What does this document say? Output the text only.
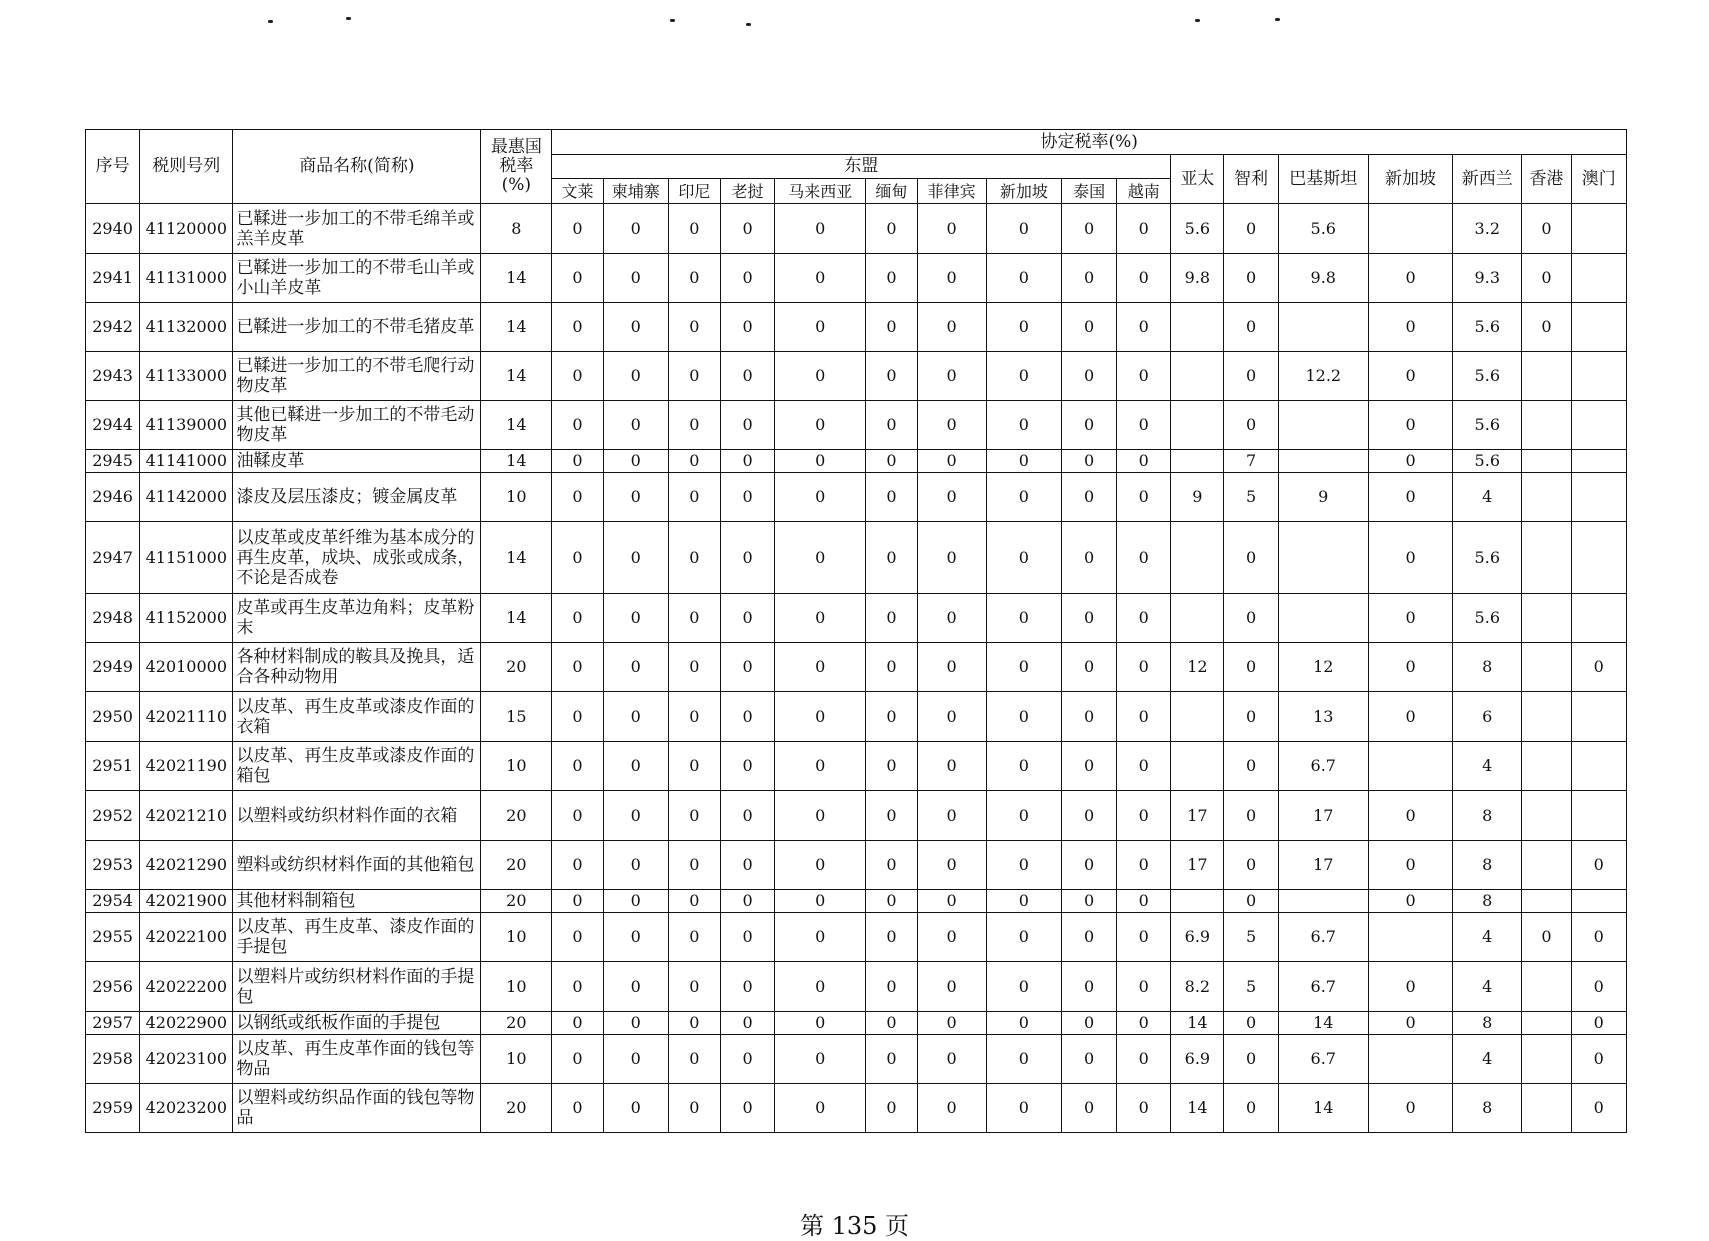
序号	税则号列	商品名称(简称)	最惠国
税率
(%)	协定税率(%)																
				东盟										亚太	智利	巴基斯坦	新加坡	新西兰	香港	澳门
				文莱	柬埔寨	印尼	老挝	马来西亚	缅甸	菲律宾	新加坡	泰国	越南							
2940	41120000	已鞣进一步加工的不带毛绵羊或羔羊皮革	8	0	0	0	0	0	0	0	0	0	0	5.6	0	5.6		3.2	0	
2941	41131000	已鞣进一步加工的不带毛山羊或小山羊皮革	14	0	0	0	0	0	0	0	0	0	0	9.8	0	9.8	0	9.3	0	
2942	41132000	已鞣进一步加工的不带毛猪皮革	14	0	0	0	0	0	0	0	0	0	0		0		0	5.6	0	
2943	41133000	已鞣进一步加工的不带毛爬行动物皮革	14	0	0	0	0	0	0	0	0	0	0		0	12.2	0	5.6		
2944	41139000	其他已鞣进一步加工的不带毛动物皮革	14	0	0	0	0	0	0	0	0	0	0		0		0	5.6		
2945	41141000	油鞣皮革	14	0	0	0	0	0	0	0	0	0	0		7		0	5.6		
2946	41142000	漆皮及层压漆皮；镀金属皮革	10	0	0	0	0	0	0	0	0	0	0	9	5	9	0	4		
2947	41151000	以皮革或皮革纤维为基本成分的再生皮革，成块、成张或成条，不论是否成卷	14	0	0	0	0	0	0	0	0	0	0		0		0	5.6		
2948	41152000	皮革或再生皮革边角料；皮革粉末	14	0	0	0	0	0	0	0	0	0	0		0		0	5.6		
2949	42010000	各种材料制成的鞍具及挽具，适合各种动物用	20	0	0	0	0	0	0	0	0	0	0	12	0	12	0	8		0
2950	42021110	以皮革、再生皮革或漆皮作面的衣箱	15	0	0	0	0	0	0	0	0	0	0		0	13	0	6		
2951	42021190	以皮革、再生皮革或漆皮作面的箱包	10	0	0	0	0	0	0	0	0	0	0		0	6.7		4		
2952	42021210	以塑料或纺织材料作面的衣箱	20	0	0	0	0	0	0	0	0	0	0	17	0	17	0	8		
2953	42021290	塑料或纺织材料作面的其他箱包	20	0	0	0	0	0	0	0	0	0	0	17	0	17	0	8		0
2954	42021900	其他材料制箱包	20	0	0	0	0	0	0	0	0	0	0		0		0	8		
2955	42022100	以皮革、再生皮革、漆皮作面的手提包	10	0	0	0	0	0	0	0	0	0	0	6.9	5	6.7		4	0	0
2956	42022200	以塑料片或纺织材料作面的手提包	10	0	0	0	0	0	0	0	0	0	0	8.2	5	6.7	0	4		0
2957	42022900	以钢纸或纸板作面的手提包	20	0	0	0	0	0	0	0	0	0	0	14	0	14	0	8		0
2958	42023100	以皮革、再生皮革作面的钱包等物品	10	0	0	0	0	0	0	0	0	0	0	6.9	0	6.7		4		0
2959	42023200	以塑料或纺织品作面的钱包等物品	20	0	0	0	0	0	0	0	0	0	0	14	0	14	0	8		0
第 135 页
